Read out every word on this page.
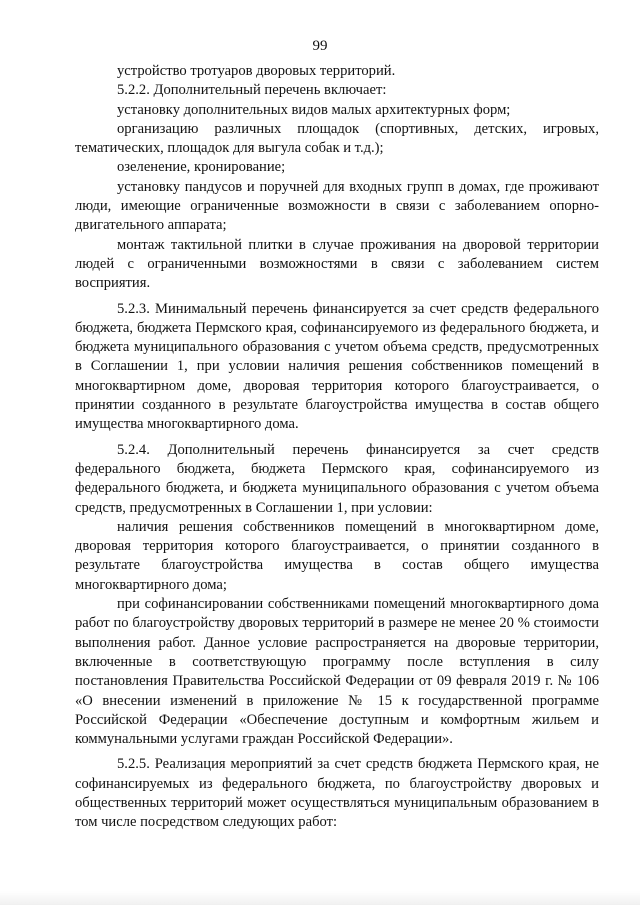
99

устройство тротуаров дворовых территорий.

5.2.2. Дополнительный перечень включает:

установку дополнительных видов малых архитектурных форм;

организацию различных площадок (спортивных, детских, игровых, тематических, площадок для выгула собак и т.д.);

озеленение, кронирование;

установку пандусов и поручней для входных групп в домах, где проживают люди, имеющие ограниченные возможности в связи с заболеванием опорно-двигательного аппарата;

монтаж тактильной плитки в случае проживания на дворовой территории людей с ограниченными возможностями в связи с заболеванием систем восприятия.

5.2.3. Минимальный перечень финансируется за счет средств федерального бюджета, бюджета Пермского края, софинансируемого из федерального бюджета, и бюджета муниципального образования с учетом объема средств, предусмотренных в Соглашении 1, при условии наличия решения собственников помещений в многоквартирном доме, дворовая территория которого благоустраивается, о принятии созданного в результате благоустройства имущества в состав общего имущества многоквартирного дома.

5.2.4. Дополнительный перечень финансируется за счет средств федерального бюджета, бюджета Пермского края, софинансируемого из федерального бюджета, и бюджета муниципального образования с учетом объема средств, предусмотренных в Соглашении 1, при условии:

наличия решения собственников помещений в многоквартирном доме, дворовая территория которого благоустраивается, о принятии созданного в результате благоустройства имущества в состав общего имущества многоквартирного дома;

при софинансировании собственниками помещений многоквартирного дома работ по благоустройству дворовых территорий в размере не менее 20 % стоимости выполнения работ. Данное условие распространяется на дворовые территории, включенные в соответствующую программу после вступления в силу постановления Правительства Российской Федерации от 09 февраля 2019 г. № 106 «О внесении изменений в приложение № 15 к государственной программе Российской Федерации «Обеспечение доступным и комфортным жильем и коммунальными услугами граждан Российской Федерации».

5.2.5. Реализация мероприятий за счет средств бюджета Пермского края, не софинансируемых из федерального бюджета, по благоустройству дворовых и общественных территорий может осуществляться муниципальным образованием в том числе посредством следующих работ:
